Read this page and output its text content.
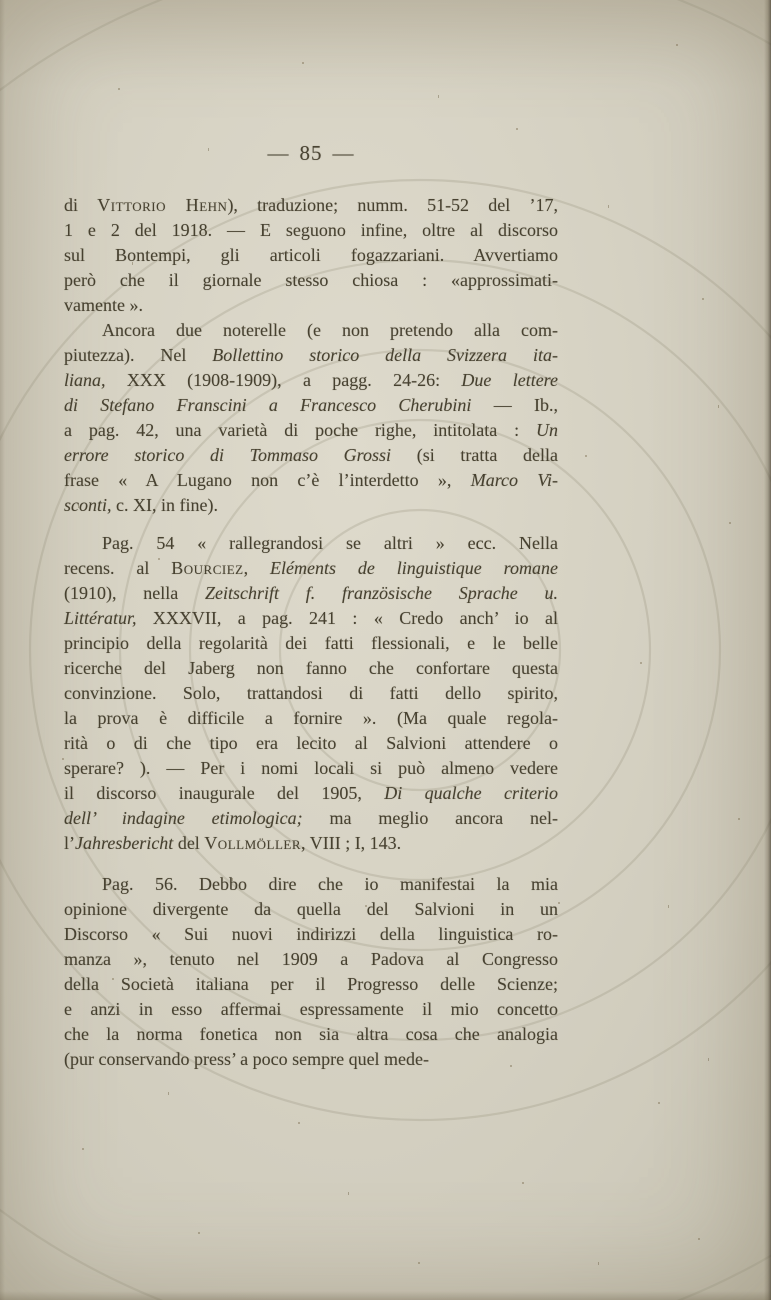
— 85 —
di Vittorio Hehn), traduzione; numm. 51-52 del ’17,
1 e 2 del 1918. — E seguono infine, oltre al discorso
sul Bontempi, gli articoli fogazzariani. Avvertiamo
però che il giornale stesso chiosa : «approssimati-
vamente ».
Ancora due noterelle (e non pretendo alla com-
piutezza). Nel Bollettino storico della Svizzera ita-
liana, XXX (1908-1909), a pagg. 24-26: Due lettere
di Stefano Franscini a Francesco Cherubini — Ib.,
a pag. 42, una varietà di poche righe, intitolata : Un
errore storico di Tommaso Grossi (si tratta della
frase « A Lugano non c’è l’interdetto », Marco Vi-
sconti, c. XI, in fine).
Pag. 54 « rallegrandosi se altri » ecc. Nella
recens. al Bourciez, Eléments de linguistique romane
(1910), nella Zeitschrift f. französische Sprache u.
Littératur, XXXVII, a pag. 241 : « Credo anch’ io al
principio della regolarità dei fatti flessionali, e le belle
ricerche del Jaberg non fanno che confortare questa
convinzione. Solo, trattandosi di fatti dello spirito,
la prova è difficile a fornire ». (Ma quale regola-
rità o di che tipo era lecito al Salvioni attendere o
sperare? ). — Per i nomi locali si può almeno vedere
il discorso inaugurale del 1905, Di qualche criterio
dell’ indagine etimologica; ma meglio ancora nel-
l’Jahresbericht del Vollmöller, VIII ; I, 143.
Pag. 56. Debbo dire che io manifestai la mia
opinione divergente da quella del Salvioni in un
Discorso « Sui nuovi indirizzi della linguistica ro-
manza », tenuto nel 1909 a Padova al Congresso
della Società italiana per il Progresso delle Scienze;
e anzi in esso affermai espressamente il mio concetto
che la norma fonetica non sia altra cosa che analogia
(pur conservando press’ a poco sempre quel mede-
